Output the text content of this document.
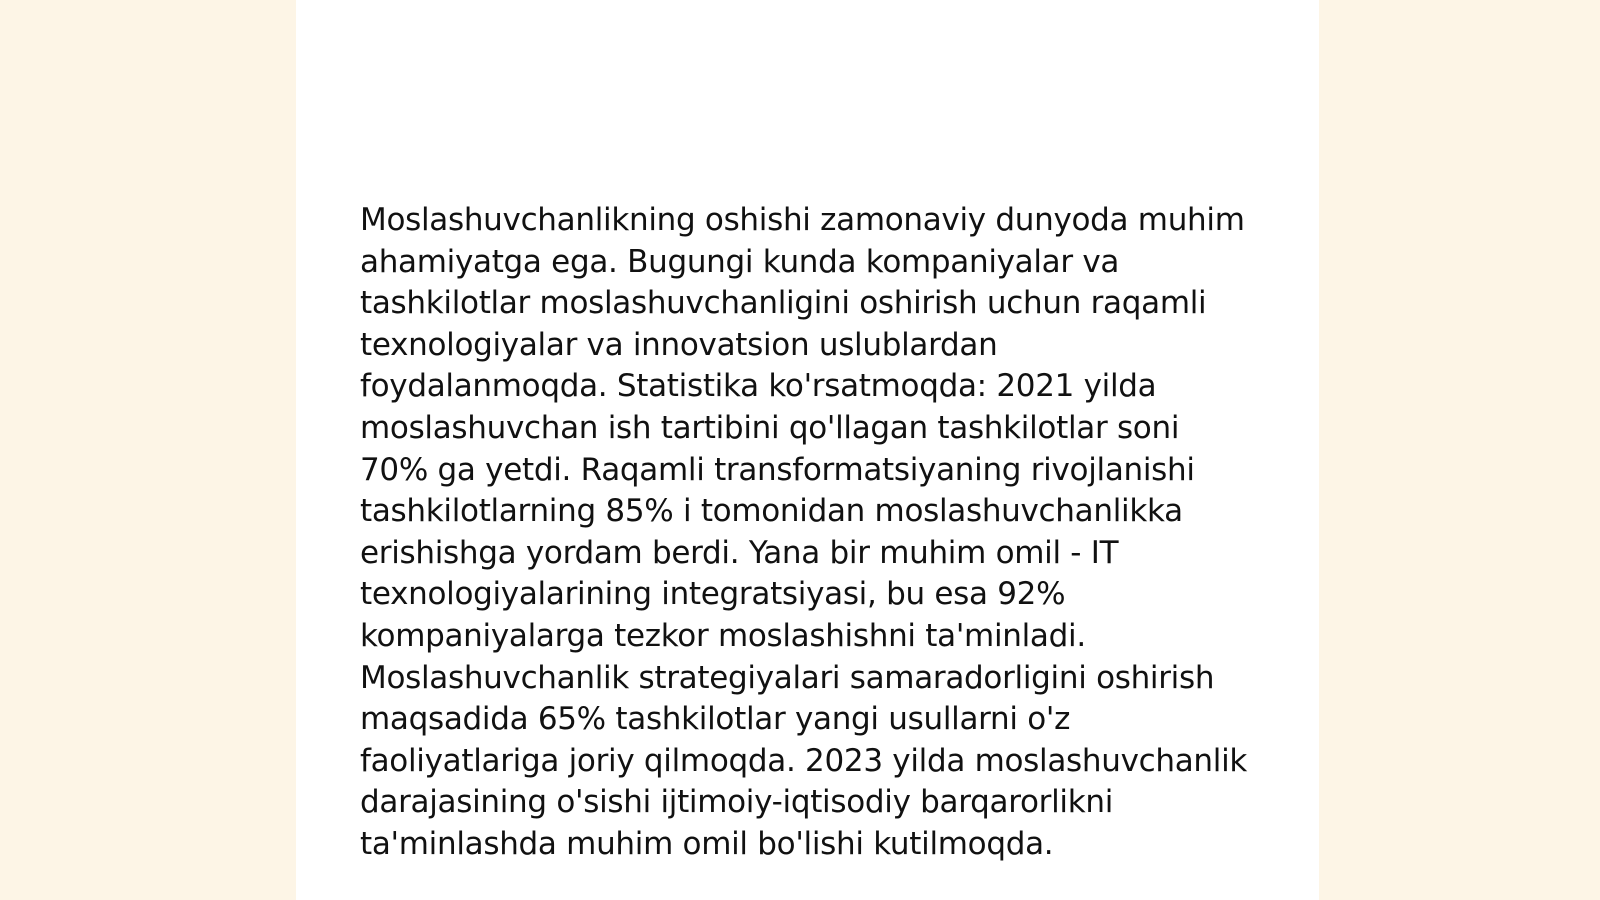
Moslashuvchanlikning oshishi zamonaviy dunyoda muhim ahamiyatga ega. Bugungi kunda kompaniyalar va tashkilotlar moslashuvchanligini oshirish uchun raqamli texnologiyalar va innovatsion uslublardan foydalanmoqda. Statistika ko'rsatmoqda: 2021 yilda moslashuvchan ish tartibini qo'llagan tashkilotlar soni 70% ga yetdi. Raqamli transformatsiyaning rivojlanishi tashkilotlarning 85% i tomonidan moslashuvchanlikka erishishga yordam berdi. Yana bir muhim omil - IT texnologiyalarining integratsiyasi, bu esa 92% kompaniyalarga tezkor moslashishni ta'minladi. Moslashuvchanlik strategiyalari samaradorligini oshirish maqsadida 65% tashkilotlar yangi usullarni o'z faoliyatlariga joriy qilmoqda. 2023 yilda moslashuvchanlik darajasining o'sishi ijtimoiy-iqtisodiy barqarorlikni ta'minlashda muhim omil bo'lishi kutilmoqda.
